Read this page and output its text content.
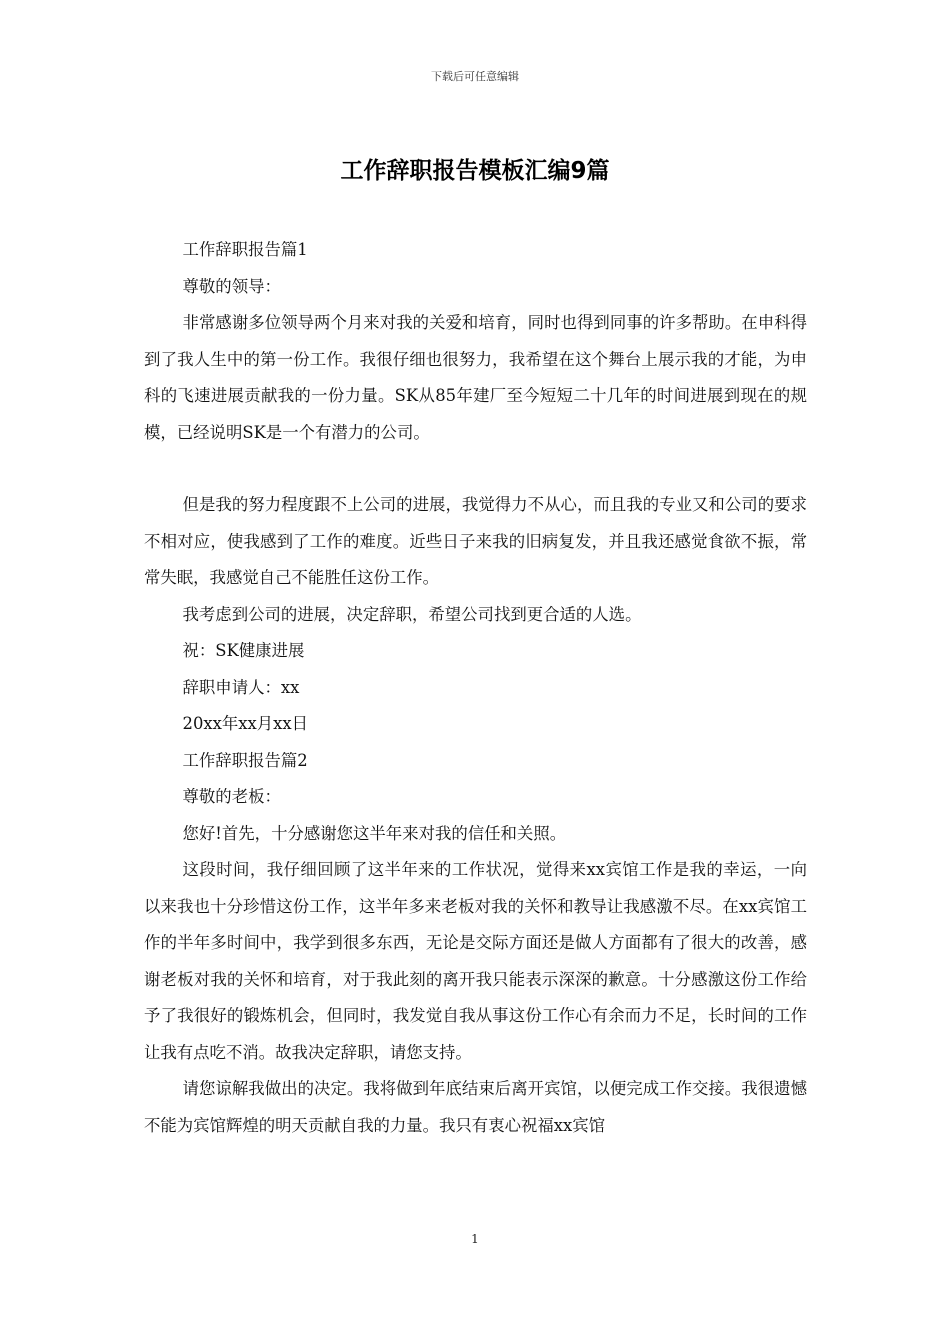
下载后可任意编辑
工作辞职报告模板汇编9篇

工作辞职报告篇1

尊敬的领导：

非常感谢多位领导两个月来对我的关爱和培育，同时也得到同事的许多帮助。在申科得到了我人生中的第一份工作。我很仔细也很努力，我希望在这个舞台上展示我的才能，为申科的飞速进展贡献我的一份力量。SK从85年建厂至今短短二十几年的时间进展到现在的规模，已经说明SK是一个有潜力的公司。

但是我的努力程度跟不上公司的进展，我觉得力不从心，而且我的专业又和公司的要求不相对应，使我感到了工作的难度。近些日子来我的旧病复发，并且我还感觉食欲不振，常常失眠，我感觉自己不能胜任这份工作。

我考虑到公司的进展，决定辞职，希望公司找到更合适的人选。

祝：SK健康进展

辞职申请人：xx

20xx年xx月xx日

工作辞职报告篇2

尊敬的老板：

您好!首先，十分感谢您这半年来对我的信任和关照。

这段时间，我仔细回顾了这半年来的工作状况，觉得来xx宾馆工作是我的幸运，一向以来我也十分珍惜这份工作，这半年多来老板对我的关怀和教导让我感激不尽。在xx宾馆工作的半年多时间中，我学到很多东西，无论是交际方面还是做人方面都有了很大的改善，感谢老板对我的关怀和培育，对于我此刻的离开我只能表示深深的歉意。十分感激这份工作给予了我很好的锻炼机会，但同时，我发觉自我从事这份工作心有余而力不足，长时间的工作让我有点吃不消。故我决定辞职，请您支持。

请您谅解我做出的决定。我将做到年底结束后离开宾馆，以便完成工作交接。我很遗憾不能为宾馆辉煌的明天贡献自我的力量。我只有衷心祝福xx宾馆

1
